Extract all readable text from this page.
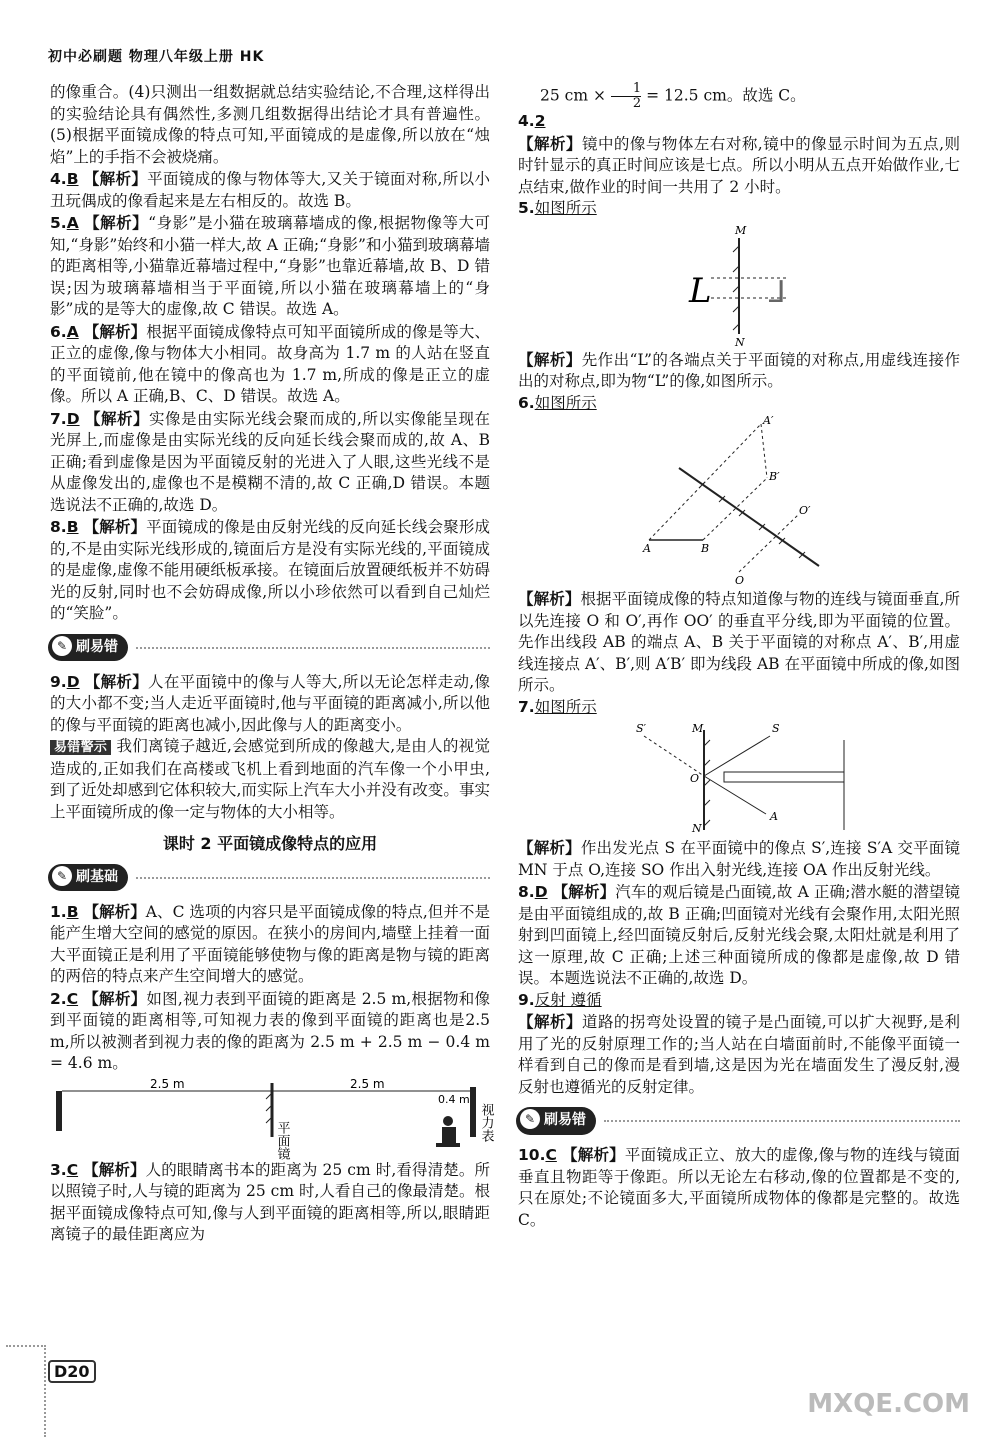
初中必刷题 物理八年级上册 HK

的像重合。(4)只测出一组数据就总结实验结论,不合理,这样得出的实验结论具有偶然性,多测几组数据得出结论才具有普遍性。(5)根据平面镜成像的特点可知,平面镜成的是虚像,所以放在“烛焰”上的手指不会被烧痛。

4.B 【解析】平面镜成的像与物体等大,又关于镜面对称,所以小丑玩偶成的像看起来是左右相反的。故选 B。

5.A 【解析】“身影”是小猫在玻璃幕墙成的像,根据物像等大可知,“身影”始终和小猫一样大,故 A 正确;“身影”和小猫到玻璃幕墙的距离相等,小猫靠近幕墙过程中,“身影”也靠近幕墙,故 B、D 错误;因为玻璃幕墙相当于平面镜,所以小猫在玻璃幕墙上的“身影”成的是等大的虚像,故 C 错误。故选 A。

6.A 【解析】根据平面镜成像特点可知平面镜所成的像是等大、正立的虚像,像与物体大小相同。故身高为 1.7 m 的人站在竖直的平面镜前,他在镜中的像高也为 1.7 m,所成的像是正立的虚像。所以 A 正确,B、C、D 错误。故选 A。

7.D 【解析】实像是由实际光线会聚而成的,所以实像能呈现在光屏上,而虚像是由实际光线的反向延长线会聚而成的,故 A、B 正确;看到虚像是因为平面镜反射的光进入了人眼,这些光线不是从虚像发出的,虚像也不是模糊不清的,故 C 正确,D 错误。本题选说法不正确的,故选 D。

8.B 【解析】平面镜成的像是由反射光线的反向延长线会聚形成的,不是由实际光线形成的,镜面后方是没有实际光线的,平面镜成的是虚像,虚像不能用硬纸板承接。在镜面后放置硬纸板并不妨碍光的反射,同时也不会妨碍成像,所以小珍依然可以看到自己灿烂的“笑脸”。

✎ 刷易错

9.D 【解析】人在平面镜中的像与人等大,所以无论怎样走动,像的大小都不变;当人走近平面镜时,他与平面镜的距离减小,所以他的像与平面镜的距离也减小,因此像与人的距离变小。

易错警示 我们离镜子越近,会感觉到所成的像越大,是由人的视觉造成的,正如我们在高楼或飞机上看到地面的汽车像一个小甲虫,到了近处却感到它体积较大,而实际上汽车大小并没有改变。事实上平面镜所成的像一定与物体的大小相等。

课时 2 平面镜成像特点的应用
✎ 刷基础

1.B 【解析】A、C 选项的内容只是平面镜成像的特点,但并不是能产生增大空间的感觉的原因。在狭小的房间内,墙壁上挂着一面大平面镜正是利用了平面镜能够使物与像的距离是物与镜的距离的两倍的特点来产生空间增大的感觉。

2.C 【解析】如图,视力表到平面镜的距离是 2.5 m,根据物和像到平面镜的距离相等,可知视力表的像到平面镜的距离也是2.5 m,所以被测者到视力表的像的距离为 2.5 m + 2.5 m − 0.4 m = 4.6 m。

2.5 m	2.5 m
平面镜	视力表
0.4 m

3.C 【解析】人的眼睛离书本的距离为 25 cm 时,看得清楚。所以照镜子时,人与镜的距离为 25 cm 时,人看自己的像最清楚。根据平面镜成像特点可知,像与人到平面镜的距离相等,所以,眼睛距离镜子的最佳距离应为

25 cm × $\frac{1}{2} = 12.5$ cm。故选 C。

4.2

【解析】镜中的像与物体左右对称,镜中的像显示时间为五点,则时针显示的真正时间应该是七点。所以小明从五点开始做作业,七点结束,做作业的时间一共用了 2 小时。

5.如图所示

M
N
L ⅃

【解析】先作出“L”的各端点关于平面镜的对称点,用虚线连接作出的对称点,即为物“L”的像,如图所示。

6.如图所示

A′
B′
O′
A	B
O

【解析】根据平面镜成像的特点知道像与物的连线与镜面垂直,所以先连接 O 和 O′,再作 OO′ 的垂直平分线,即为平面镜的位置。先作出线段 AB 的端点 A、B 关于平面镜的对称点 A′、B′,用虚线连接点 A′、B′,则 A′B′ 即为线段 AB 在平面镜中所成的像,如图所示。

7.如图所示

S′	M	S
O
N
A

【解析】作出发光点 S 在平面镜中的像点 S′,连接 S′A 交平面镜 MN 于点 O,连接 SO 作出入射光线,连接 OA 作出反射光线。

8.D 【解析】汽车的观后镜是凸面镜,故 A 正确;潜水艇的潜望镜是由平面镜组成的,故 B 正确;凹面镜对光线有会聚作用,太阳光照射到凹面镜上,经凹面镜反射后,反射光线会聚,太阳灶就是利用了这一原理,故 C 正确;上述三种面镜所成的像都是虚像,故 D 错误。本题选说法不正确的,故选 D。

9.反射 遵循

【解析】道路的拐弯处设置的镜子是凸面镜,可以扩大视野,是利用了光的反射原理工作的;当人站在白墙面前时,不能像平面镜一样看到自己的像而是看到墙,这是因为光在墙面发生了漫反射,漫反射也遵循光的反射定律。

✎ 刷易错

10.C 【解析】平面镜成正立、放大的虚像,像与物的连线与镜面垂直且物距等于像距。所以无论左右移动,像的位置都是不变的,只在原处;不论镜面多大,平面镜所成物体的像都是完整的。故选 C。

D20
MXQE.COM
